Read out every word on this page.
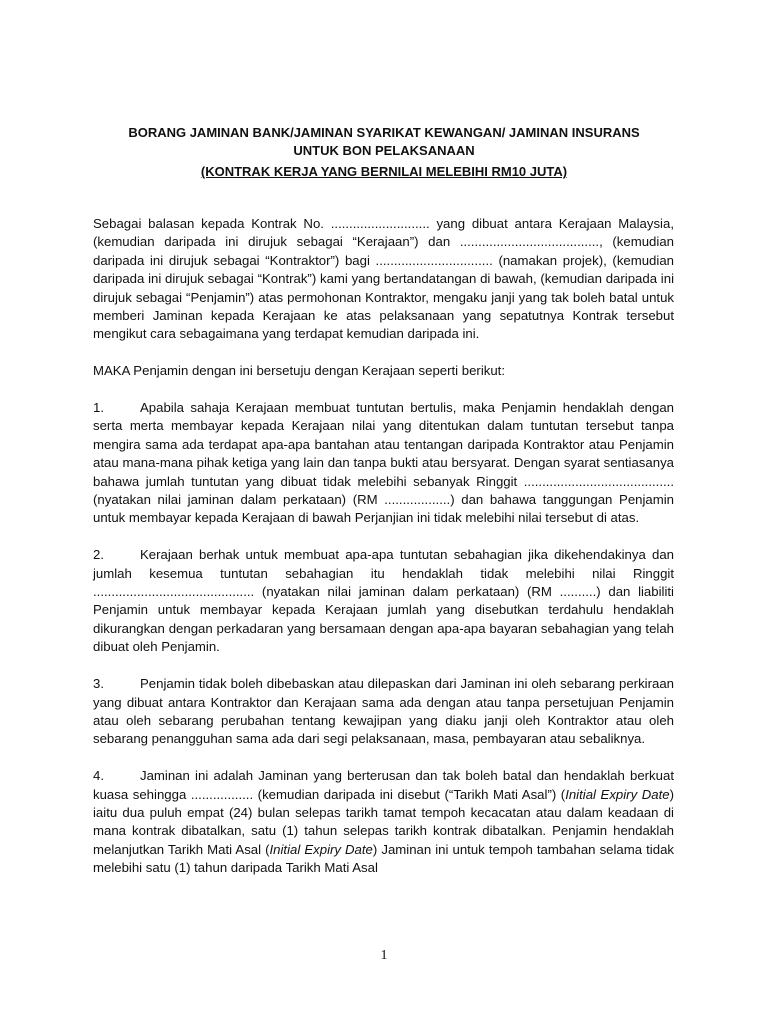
BORANG JAMINAN BANK/JAMINAN SYARIKAT KEWANGAN/ JAMINAN INSURANS
UNTUK BON PELAKSANAAN
(KONTRAK KERJA YANG BERNILAI MELEBIHI RM10 JUTA)

Sebagai balasan kepada Kontrak No. ........................... yang dibuat antara Kerajaan Malaysia, (kemudian daripada ini dirujuk sebagai “Kerajaan”) dan ......................................, (kemudian daripada ini dirujuk sebagai “Kontraktor”) bagi ................................ (namakan projek), (kemudian daripada ini dirujuk sebagai “Kontrak”) kami yang bertandatangan di bawah, (kemudian daripada ini dirujuk sebagai “Penjamin”) atas permohonan Kontraktor, mengaku janji yang tak boleh batal untuk memberi Jaminan kepada Kerajaan ke atas pelaksanaan yang sepatutnya Kontrak tersebut mengikut cara sebagaimana yang terdapat kemudian daripada ini.

MAKA Penjamin dengan ini bersetuju dengan Kerajaan seperti berikut:

1.	Apabila sahaja Kerajaan membuat tuntutan bertulis, maka Penjamin hendaklah dengan serta merta membayar kepada Kerajaan nilai yang ditentukan dalam tuntutan tersebut tanpa mengira sama ada terdapat apa-apa bantahan atau tentangan daripada Kontraktor atau Penjamin atau mana-mana pihak ketiga yang lain dan tanpa bukti atau bersyarat. Dengan syarat sentiasanya bahawa jumlah tuntutan yang dibuat tidak melebihi sebanyak Ringgit ......................................... (nyatakan nilai jaminan dalam perkataan) (RM ..................) dan bahawa tanggungan Penjamin untuk membayar kepada Kerajaan di bawah Perjanjian ini tidak melebihi nilai tersebut di atas.

2.	Kerajaan berhak untuk membuat apa-apa tuntutan sebahagian jika dikehendakinya dan jumlah kesemua tuntutan sebahagian itu hendaklah tidak melebihi nilai Ringgit ............................................ (nyatakan nilai jaminan dalam perkataan) (RM ..........) dan liabiliti Penjamin untuk membayar kepada Kerajaan jumlah yang disebutkan terdahulu hendaklah dikurangkan dengan perkadaran yang bersamaan dengan apa-apa bayaran sebahagian yang telah dibuat oleh Penjamin.

3.	Penjamin tidak boleh dibebaskan atau dilepaskan dari Jaminan ini oleh sebarang perkiraan yang dibuat antara Kontraktor dan Kerajaan sama ada dengan atau tanpa persetujuan Penjamin atau oleh sebarang perubahan tentang kewajipan yang diaku janji oleh Kontraktor atau oleh sebarang penangguhan sama ada dari segi pelaksanaan, masa, pembayaran atau sebaliknya.

4.	Jaminan ini adalah Jaminan yang berterusan dan tak boleh batal dan hendaklah berkuat kuasa sehingga ................. (kemudian daripada ini disebut (“Tarikh Mati Asal”) (Initial Expiry Date) iaitu dua puluh empat (24) bulan selepas tarikh tamat tempoh kecacatan atau dalam keadaan di mana kontrak dibatalkan, satu (1) tahun selepas tarikh kontrak dibatalkan. Penjamin hendaklah melanjutkan Tarikh Mati Asal (Initial Expiry Date) Jaminan ini untuk tempoh tambahan selama tidak melebihi satu (1) tahun daripada Tarikh Mati Asal

1
